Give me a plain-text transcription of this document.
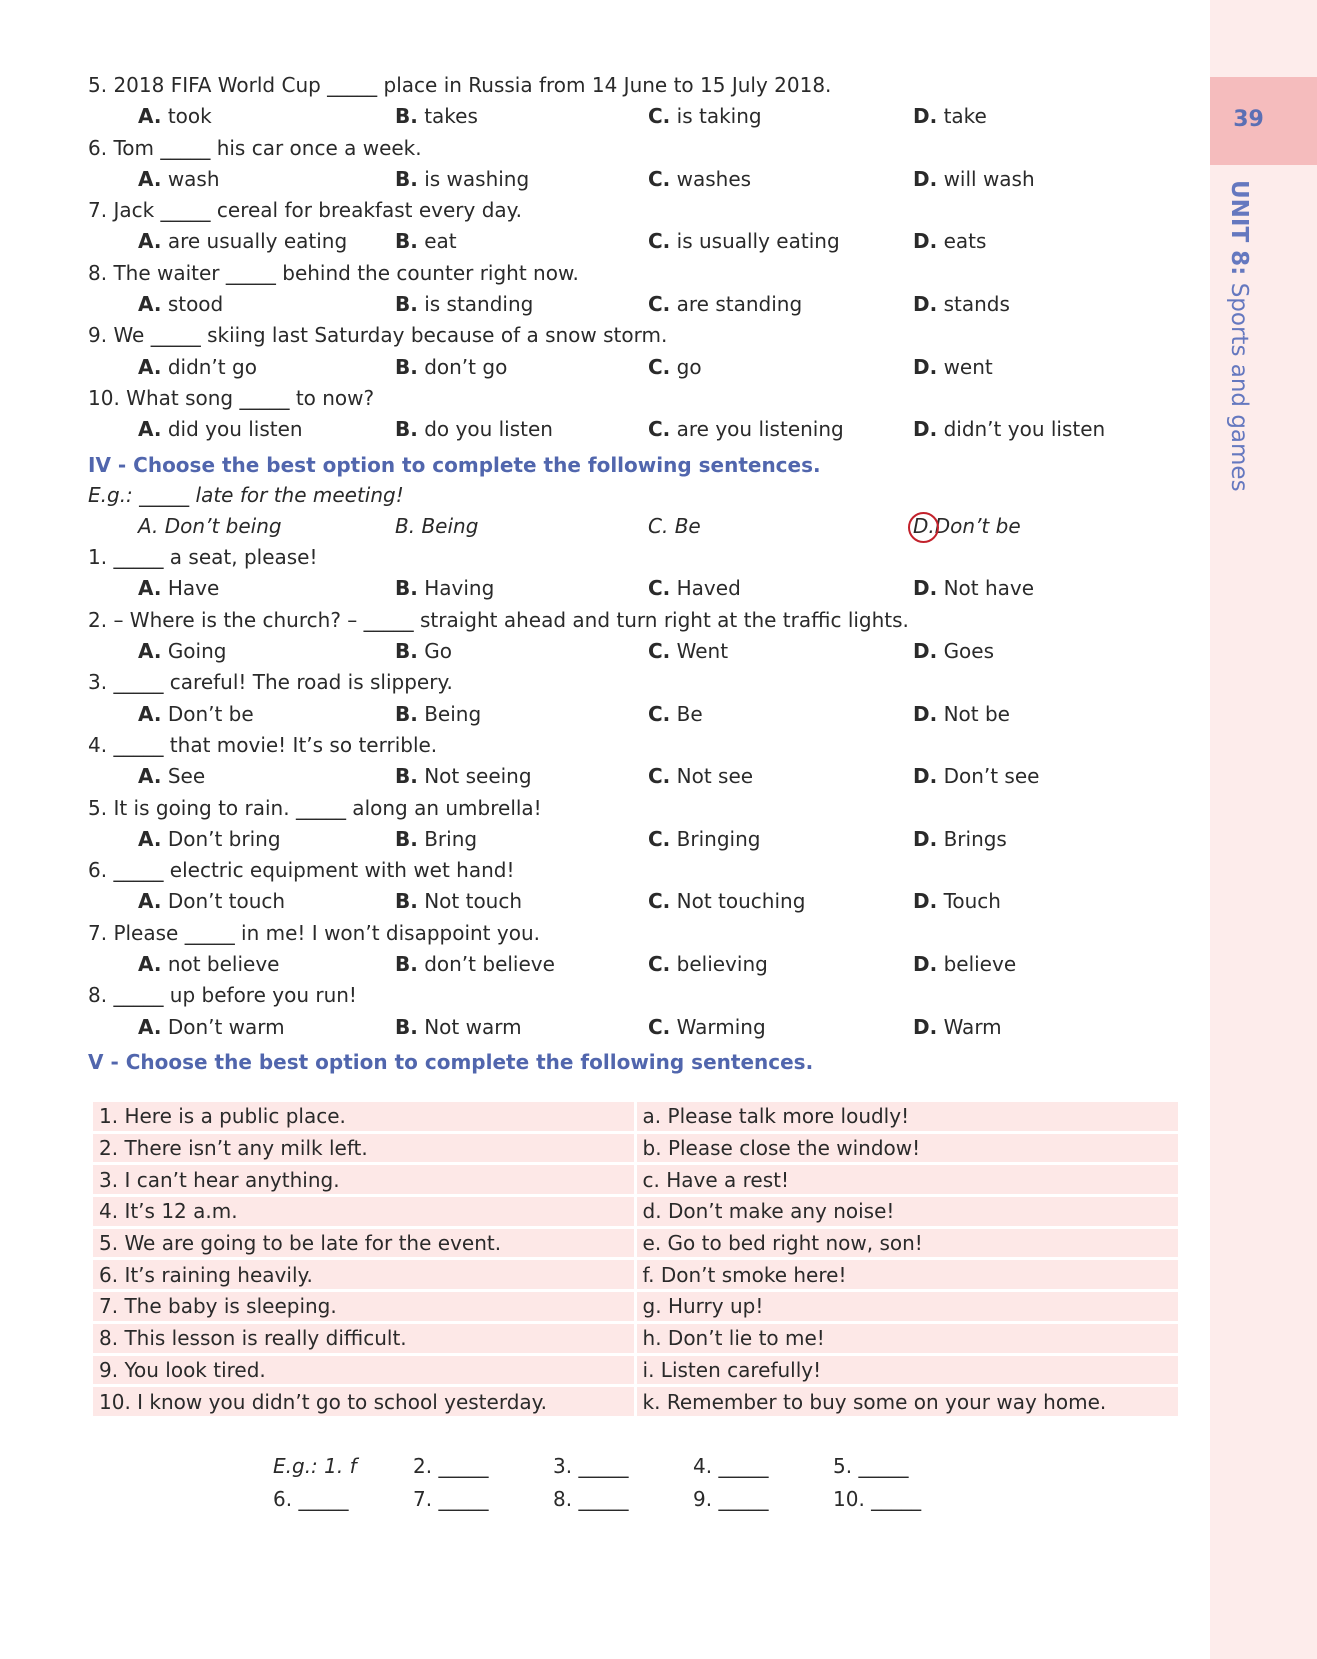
39
UNIT 8: Sports and games
5. 2018 FIFA World Cup _____ place in Russia from 14 June to 15 July 2018.
A. took	B. takes	C. is taking	D. take
6. Tom _____ his car once a week.
A. wash	B. is washing	C. washes	D. will wash
7. Jack _____ cereal for breakfast every day.
A. are usually eating B. eat	C. is usually eating	D. eats
8. The waiter _____ behind the counter right now.
A. stood	B. is standing	C. are standing	D. stands
9. We _____ skiing last Saturday because of a snow storm.
A. didn’t go	B. don’t go	C. go	D. went
10. What song _____ to now?
A. did you listen	B. do you listen	C. are you listening	D. didn’t you listen
IV - Choose the best option to complete the following sentences.
E.g.: _____ late for the meeting!
A. Don’t being	B. Being	C. Be	D.Don’t be
1. _____ a seat, please!
A. Have	B. Having	C. Haved	D. Not have
2. – Where is the church? – _____ straight ahead and turn right at the traffic lights.
A. Going	B. Go	C. Went	D. Goes
3. _____ careful! The road is slippery.
A. Don’t be	B. Being	C. Be	D. Not be
4. _____ that movie! It’s so terrible.
A. See	B. Not seeing	C. Not see	D. Don’t see
5. It is going to rain. _____ along an umbrella!
A. Don’t bring	B. Bring	C. Bringing	D. Brings
6. _____ electric equipment with wet hand!
A. Don’t touch	B. Not touch	C. Not touching	D. Touch
7. Please _____ in me! I won’t disappoint you.
A. not believe	B. don’t believe	C. believing	D. believe
8. _____ up before you run!
A. Don’t warm	B. Not warm	C. Warming	D. Warm
V - Choose the best option to complete the following sentences.
1. Here is a public place.	a. Please talk more loudly!
2. There isn’t any milk left.	b. Please close the window!
3. I can’t hear anything.	c. Have a rest!
4. It’s 12 a.m.	d. Don’t make any noise!
5. We are going to be late for the event.	e. Go to bed right now, son!
6. It’s raining heavily.	f. Don’t smoke here!
7. The baby is sleeping.	g. Hurry up!
8. This lesson is really difficult.	h. Don’t lie to me!
9. You look tired.	i. Listen carefully!
10. I know you didn’t go to school yesterday.	k. Remember to buy some on your way home.
E.g.: 1. f	2. _____	3. _____	4. _____	5. _____
6. _____	7. _____	8. _____	9. _____	10. _____
